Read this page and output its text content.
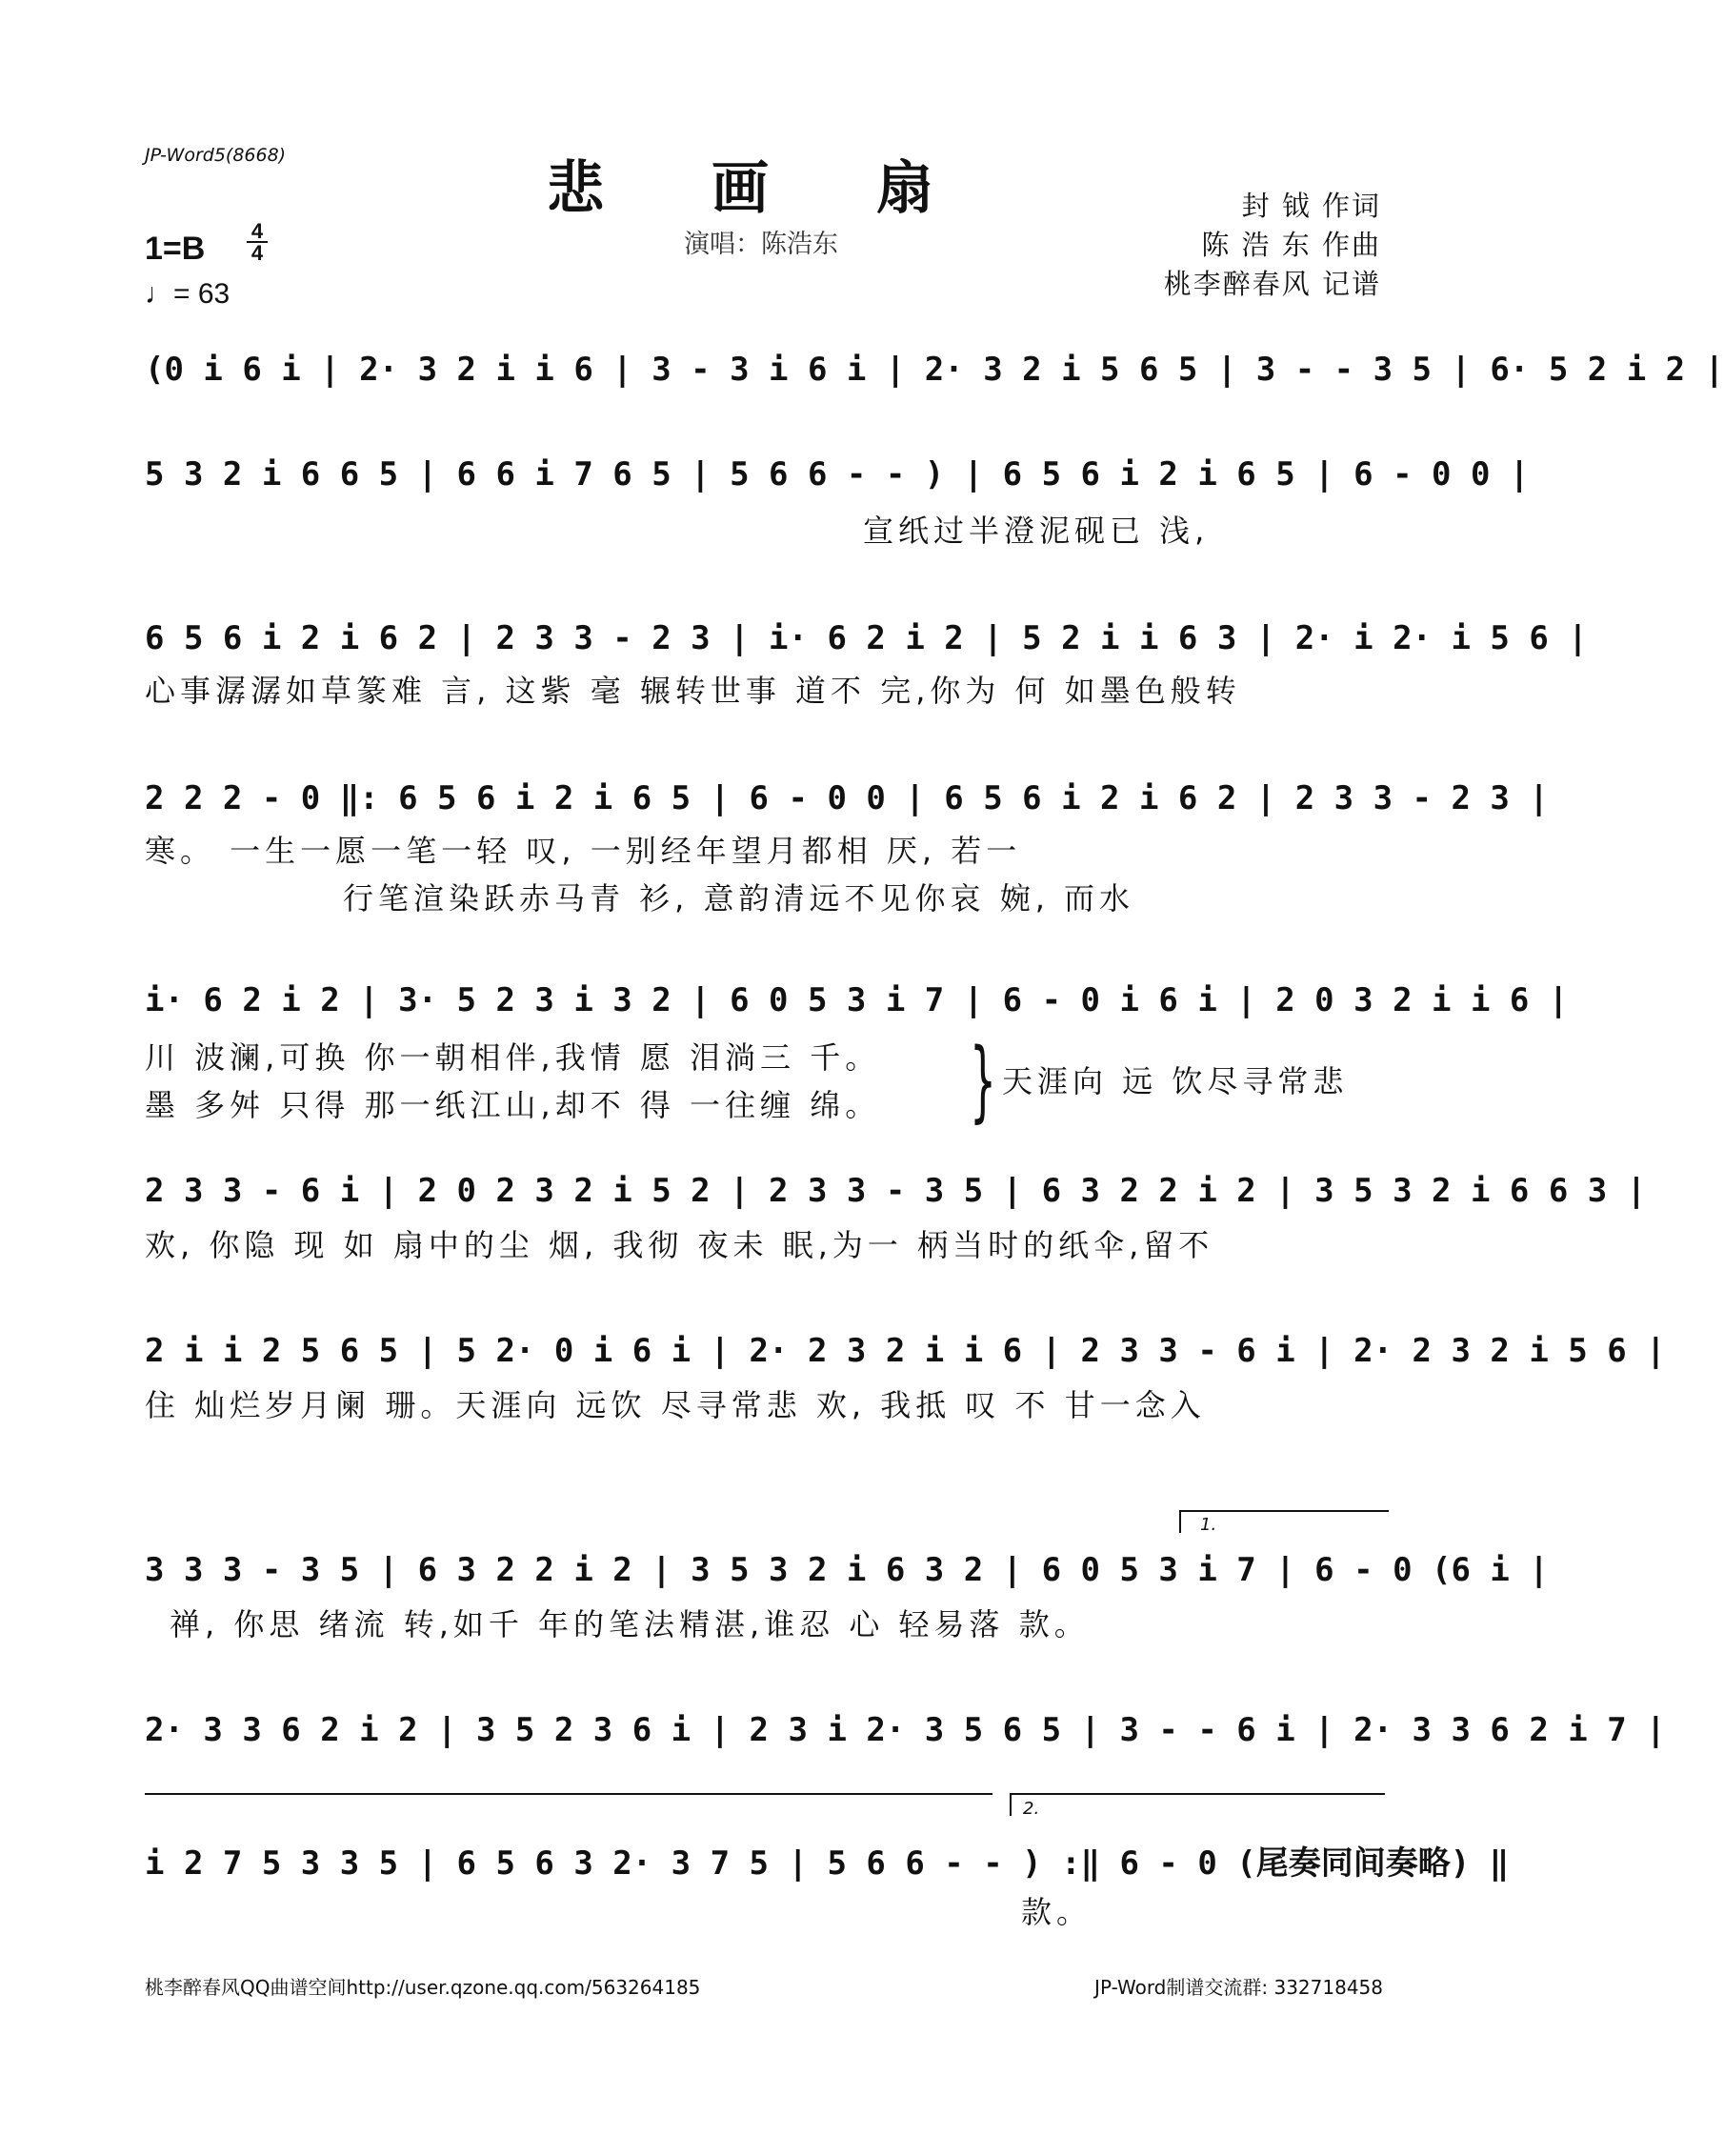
JP-Word5(8668)	悲 画 扇
演唱：陈浩东
1=B	4
4
♩= 63
封 钺 作词
陈 浩 东 作曲
桃李醉春风 记谱
(0 i 6 i | 2· 3 2 i i 6 | 3 - 3 i 6 i | 2· 3 2 i 5 6 5 | 3 - - 3 5 | 6· 5 2 i 2 |
5 3 2 i 6 6 5 | 6 6 i 7 6 5 | 5 6 6 - - ) | 6 5 6 i 2 i 6 5 | 6 - 0 0 |
宣纸过半澄泥砚已 浅,
6 5 6 i 2 i 6 2 | 2 3 3 - 2 3 | i· 6 2 i 2 | 5 2 i i 6 3 | 2· i 2· i 5 6 |
心事潺潺如草篆难 言, 这紫 毫 辗转世事 道不 完,你为 何 如墨色般转
2 2 2 - 0 ‖: 6 5 6 i 2 i 6 5 | 6 - 0 0 | 6 5 6 i 2 i 6 2 | 2 3 3 - 2 3 |
寒。 一生一愿一笔一轻 叹, 一别经年望月都相 厌, 若一
行笔渲染跃赤马青 衫, 意韵清远不见你哀 婉, 而水
i· 6 2 i 2 | 3· 5 2 3 i 3 2 | 6 0 5 3 i 7 | 6 - 0 i 6 i | 2 0 3 2 i i 6 |
川 波澜,可换 你一朝相伴,我情 愿 泪淌三 千。
墨 多舛 只得 那一纸江山,却不 得 一往缠 绵。 } 天涯向 远 饮尽寻常悲
2 3 3 - 6 i | 2 0 2 3 2 i 5 2 | 2 3 3 - 3 5 | 6 3 2 2 i 2 | 3 5 3 2 i 6 6 3 |
欢, 你隐 现 如 扇中的尘 烟, 我彻 夜未 眠,为一 柄当时的纸伞,留不
2 i i 2 5 6 5 | 5 2· 0 i 6 i | 2· 2 3 2 i i 6 | 2 3 3 - 6 i | 2· 2 3 2 i 5 6 |
住 灿烂岁月阑 珊。天涯向 远饮 尽寻常悲 欢, 我抵 叹 不 甘一念入
1.
3 3 3 - 3 5 | 6 3 2 2 i 2 | 3 5 3 2 i 6 3 2 | 6 0 5 3 i 7 | 6 - 0 (6 i |
禅, 你思 绪流 转,如千 年的笔法精湛,谁忍 心 轻易落 款。
2· 3 3 6 2 i 2 | 3 5 2 3 6 i | 2 3 i 2· 3 5 6 5 | 3 - - 6 i | 2· 3 3 6 2 i 7 |
2.
i 2 7 5 3 3 5 | 6 5 6 3 2· 3 7 5 | 5 6 6 - - ) :‖ 6 - 0 (尾奏同间奏略) ‖
款。
桃李醉春风QQ曲谱空间http://user.qzone.qq.com/563264185	JP-Word制谱交流群: 332718458
